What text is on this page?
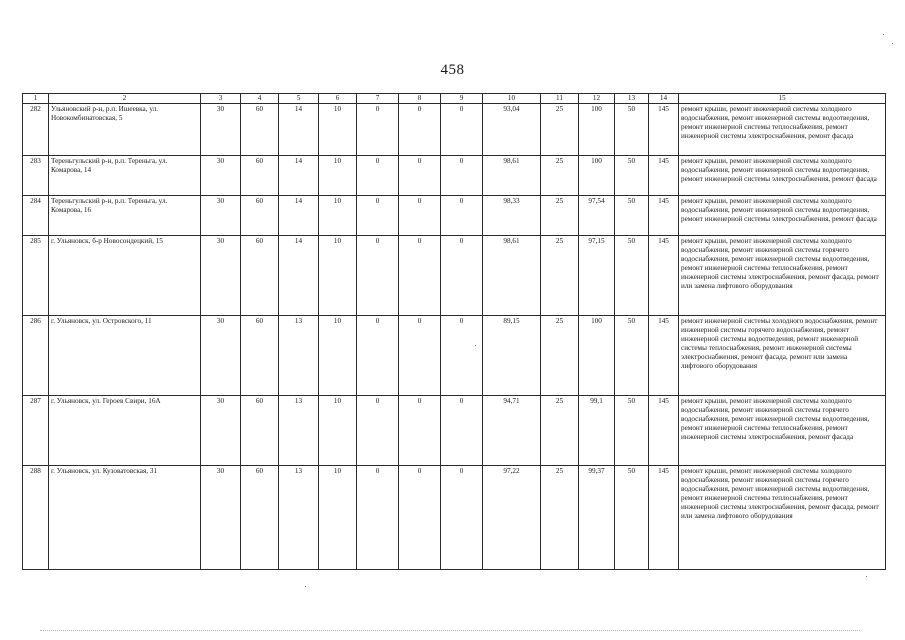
458
1	2	3	4	5	6	7	8	9	10	11	12	13	14	15
282	Ульяновский р-н, р.п. Ишеевка, ул. Новокомбинатовская, 5	30	60	14	10	0	0	0	93,04	25	100	50	145	ремонт крыши, ремонт инженерной системы холодного водоснабжения, ремонт инженерной системы водоотведения, ремонт инженерной системы теплоснабжения, ремонт инженерной системы электроснабжения, ремонт фасада
283	Тереньгульский р-н, р.п. Тереньга, ул. Комарова, 14	30	60	14	10	0	0	0	98,61	25	100	50	145	ремонт крыши, ремонт инженерной системы холодного водоснабжения, ремонт инженерной системы водоотведения, ремонт инженерной системы электроснабжения, ремонт фасада
284	Тереньгульский р-н, р.п. Тереньга, ул. Комарова, 16	30	60	14	10	0	0	0	98,33	25	97,54	50	145	ремонт крыши, ремонт инженерной системы холодного водоснабжения, ремонт инженерной системы водоотведения, ремонт инженерной системы электроснабжения, ремонт фасада
285	г. Ульяновск, б-р Новосондецкий, 15	30	60	14	10	0	0	0	98,61	25	97,15	50	145	ремонт крыши, ремонт инженерной системы холодного водоснабжения, ремонт инженерной системы горячего водоснабжения, ремонт инженерной системы водоотведения, ремонт инженерной системы теплоснабжения, ремонт инженерной системы электроснабжения, ремонт фасада, ремонт или замена лифтового оборудования
286	г. Ульяновск, ул. Островского, 11	30	60	13	10	0	0	0	89,15	25	100	50	145	ремонт инженерной системы холодного водоснабжения, ремонт инженерной системы горячего водоснабжения, ремонт инженерной системы водоотведения, ремонт инженерной системы теплоснабжения, ремонт инженерной системы электроснабжения, ремонт фасада, ремонт или замена лифтового оборудования
287	г. Ульяновск, ул. Героев Свири, 16А	30	60	13	10	0	0	0	94,71	25	99,1	50	145	ремонт крыши, ремонт инженерной системы холодного водоснабжения, ремонт инженерной системы горячего водоснабжения, ремонт инженерной системы водоотведения, ремонт инженерной системы теплоснабжения, ремонт инженерной системы электроснабжения, ремонт фасада
288	г. Ульяновск, ул. Кузоватовская, 31	30	60	13	10	0	0	0	97,22	25	99,37	50	145	ремонт крыши, ремонт инженерной системы холодного водоснабжения, ремонт инженерной системы горячего водоснабжения, ремонт инженерной системы водоотведения, ремонт инженерной системы теплоснабжения, ремонт инженерной системы электроснабжения, ремонт фасада, ремонт или замена лифтового оборудования
